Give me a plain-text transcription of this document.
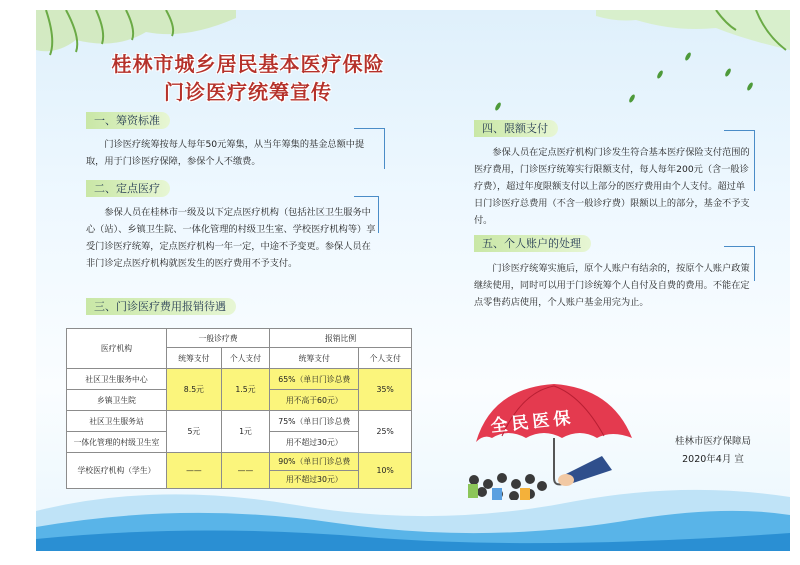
桂林市城乡居民基本医疗保险
门诊医疗统筹宣传
一、筹资标准

门诊医疗统筹按每人每年50元筹集，从当年筹集的基金总额中提取，用于门诊医疗保障，参保个人不缴费。

二、定点医疗

参保人员在桂林市一级及以下定点医疗机构（包括社区卫生服务中心（站）、乡镇卫生院、一体化管理的村级卫生室、学校医疗机构等）享受门诊医疗统筹，定点医疗机构一年一定，中途不予变更。参保人员在非门诊定点医疗机构就医发生的医疗费用不予支付。

三、门诊医疗费用报销待遇
医疗机构	一般诊疗费		报销比例	
	统筹支付	个人支付	统筹支付	个人支付
社区卫生服务中心	8.5元	1.5元	65%（单日门诊总费	35%
乡镇卫生院			用不高于60元）	
社区卫生服务站	5元	1元	75%（单日门诊总费	25%
一体化管理的村级卫生室			用不超过30元）	
学校医疗机构（学生）	——	——	90%（单日门诊总费	10%
			用不超过30元）	
四、限额支付

参保人员在定点医疗机构门诊发生符合基本医疗保险支付范围的医疗费用，门诊医疗统筹实行限额支付，每人每年200元（含一般诊疗费），超过年度限额支付以上部分的医疗费用由个人支付。超过单日门诊医疗总费用（不含一般诊疗费）限额以上的部分，基金不予支付。

五、个人账户的处理

门诊医疗统筹实施后，原个人账户有结余的，按原个人账户政策继续使用，同时可以用于门诊统筹个人自付及自费的费用。不能在定点零售药店使用，个人账户基金用完为止。

全民医保
桂林市医疗保障局
2020年4月 宣
